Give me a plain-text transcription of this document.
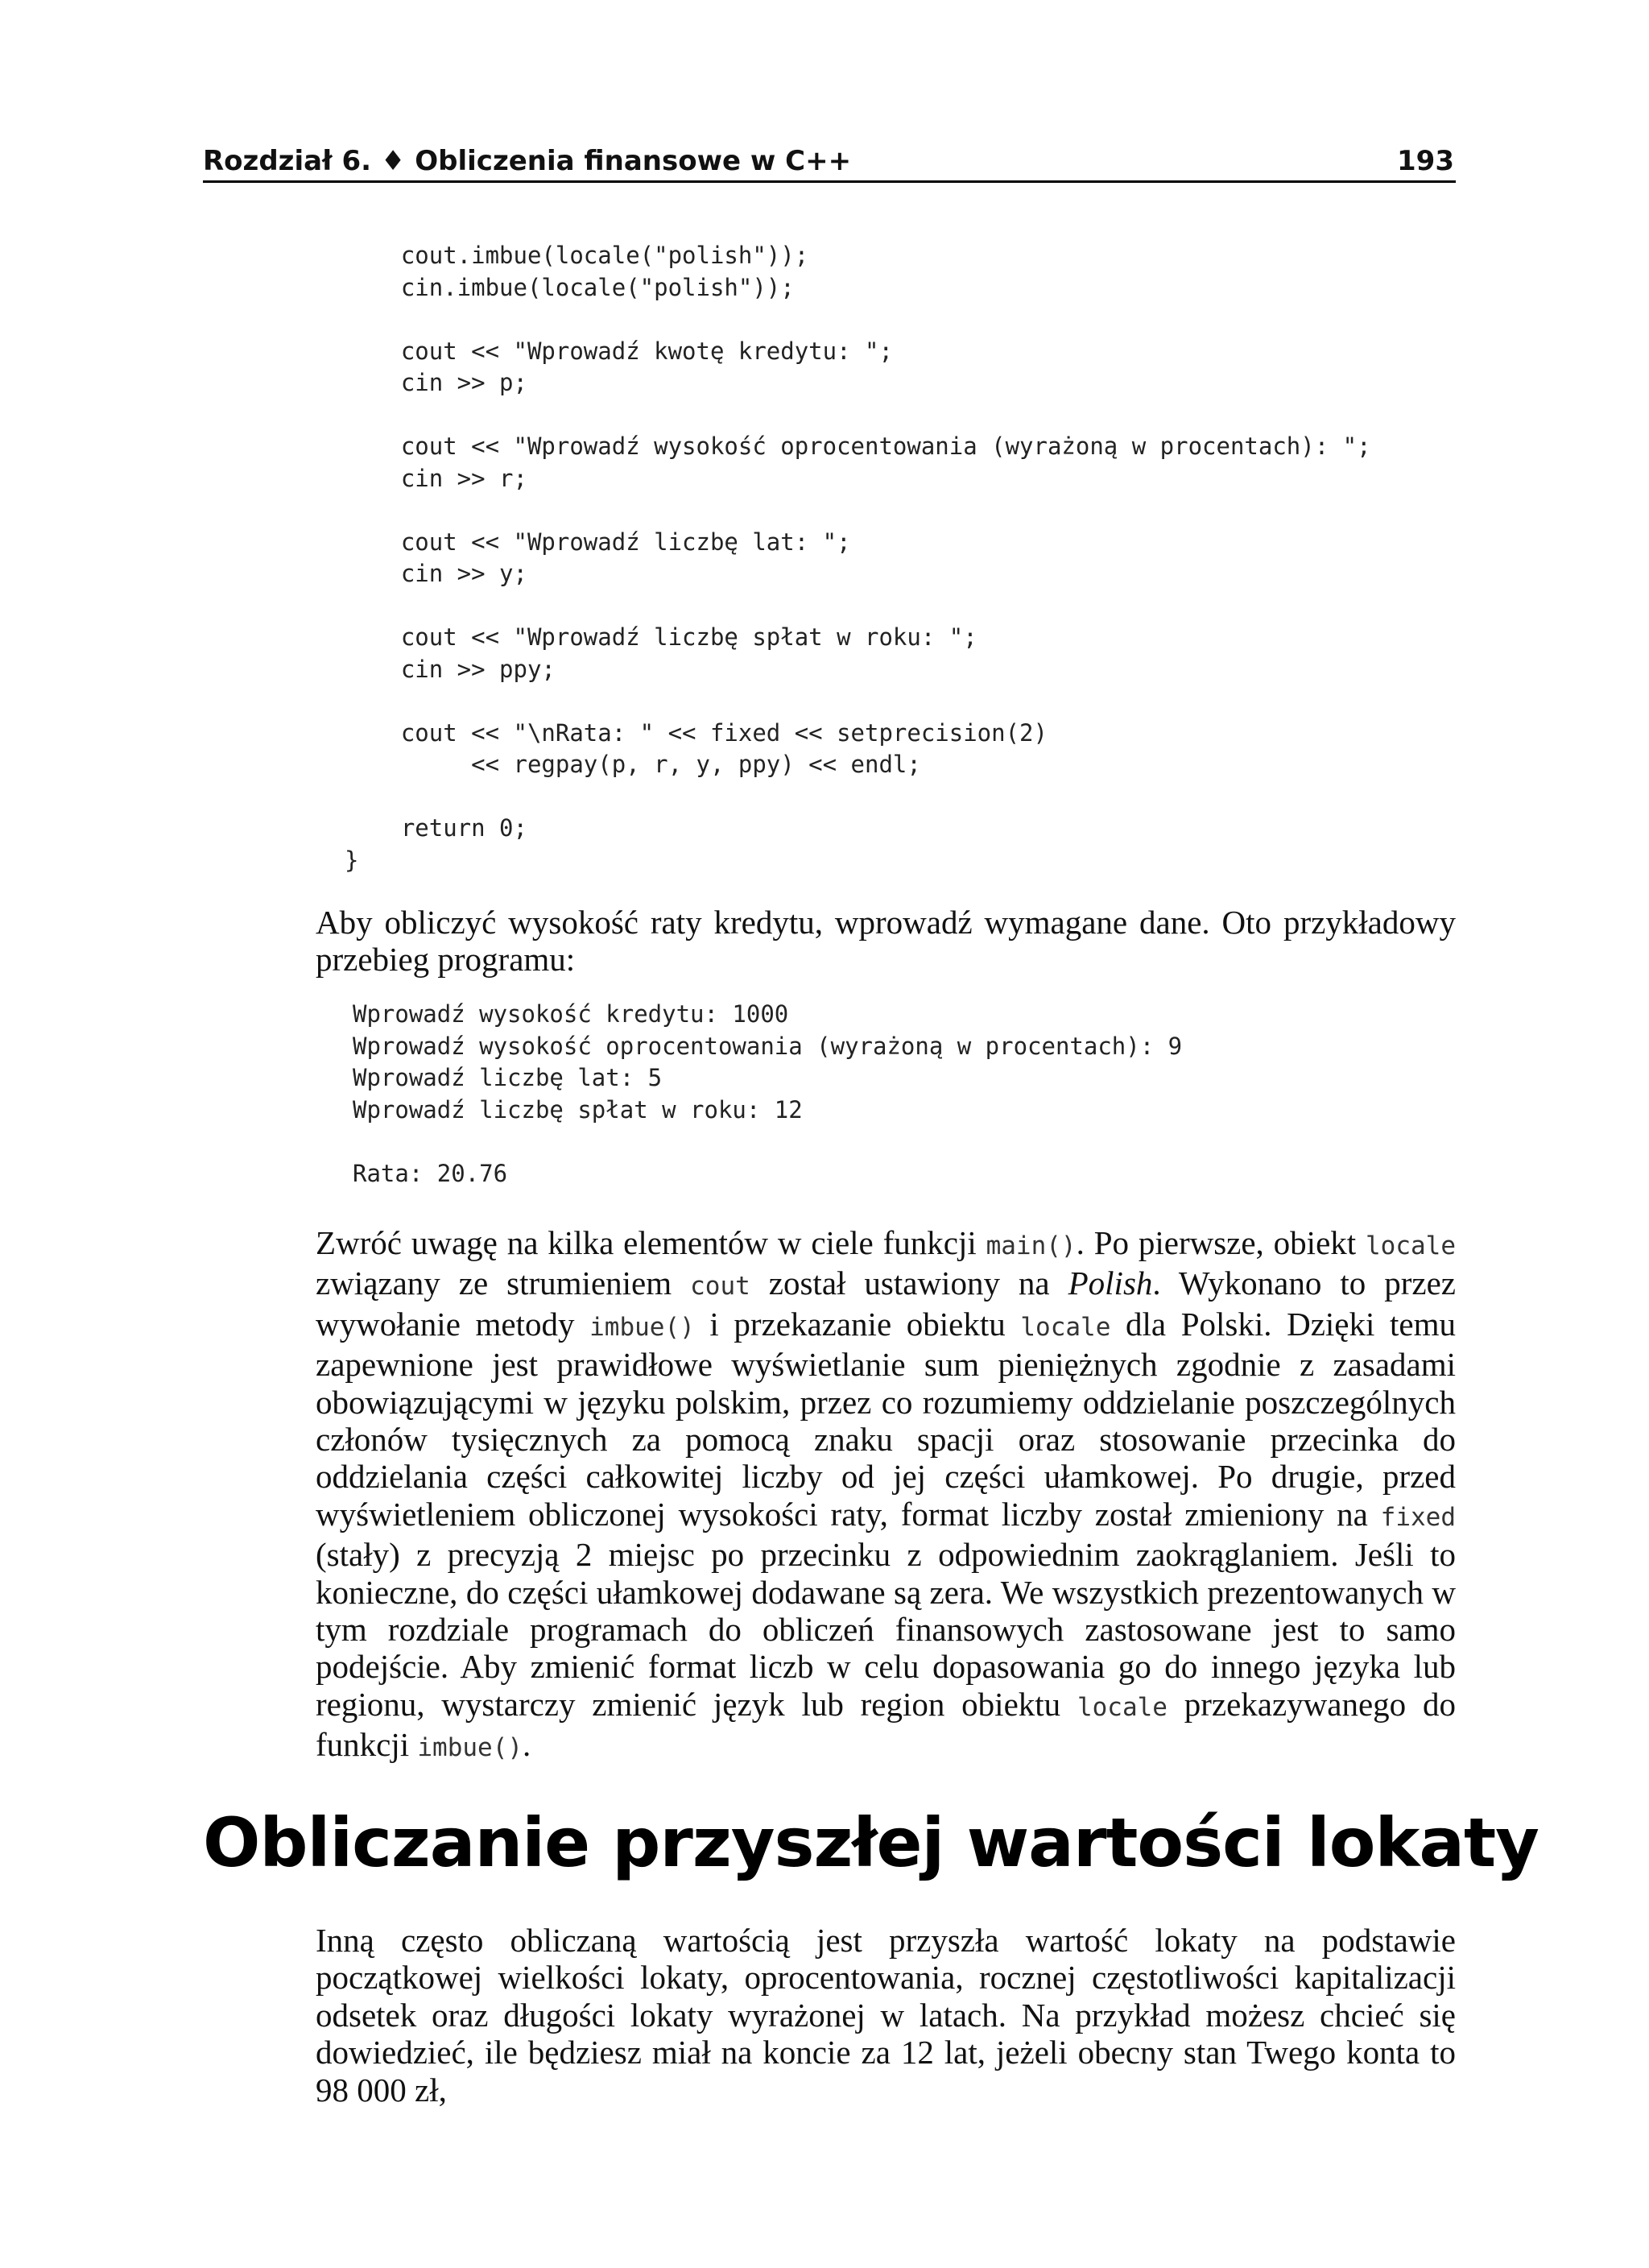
Rozdział 6. ♦ Obliczenia finansowe w C++	193
cout.imbue(locale("polish"));
cin.imbue(locale("polish"));
cout << "Wprowadź kwotę kredytu: ";
cin >> p;
cout << "Wprowadź wysokość oprocentowania (wyrażoną w procentach): ";
cin >> r;
cout << "Wprowadź liczbę lat: ";
cin >> y;
cout << "Wprowadź liczbę spłat w roku: ";
cin >> ppy;
cout << "\nRata: " << fixed << setprecision(2)
<< regpay(p, r, y, ppy) << endl;
return 0;
}

Aby obliczyć wysokość raty kredytu, wprowadź wymagane dane. Oto przykładowy przebieg programu:

Wprowadź wysokość kredytu: 1000
Wprowadź wysokość oprocentowania (wyrażoną w procentach): 9
Wprowadź liczbę lat: 5
Wprowadź liczbę spłat w roku: 12
Rata: 20.76

Zwróć uwagę na kilka elementów w ciele funkcji main(). Po pierwsze, obiekt locale związany ze strumieniem cout został ustawiony na Polish. Wykonano to przez wywołanie metody imbue() i przekazanie obiektu locale dla Polski. Dzięki temu zapewnione jest prawidłowe wyświetlanie sum pieniężnych zgodnie z zasadami obowiązującymi w języku polskim, przez co rozumiemy oddzielanie poszczególnych członów tysięcznych za pomocą znaku spacji oraz stosowanie przecinka do oddzielania części całkowitej liczby od jej części ułamkowej. Po drugie, przed wyświetleniem obliczonej wysokości raty, format liczby został zmieniony na fixed (stały) z precyzją 2 miejsc po przecinku z odpowiednim zaokrąglaniem. Jeśli to konieczne, do części ułamkowej dodawane są zera. We wszystkich prezentowanych w tym rozdziale programach do obliczeń finansowych zastosowane jest to samo podejście. Aby zmienić format liczb w celu dopasowania go do innego języka lub regionu, wystarczy zmienić język lub region obiektu locale przekazywanego do funkcji imbue().

Obliczanie przyszłej wartości lokaty

Inną często obliczaną wartością jest przyszła wartość lokaty na podstawie początkowej wielkości lokaty, oprocentowania, rocznej częstotliwości kapitalizacji odsetek oraz długości lokaty wyrażonej w latach. Na przykład możesz chcieć się dowiedzieć, ile będziesz miał na koncie za 12 lat, jeżeli obecny stan Twego konta to 98 000 zł,
